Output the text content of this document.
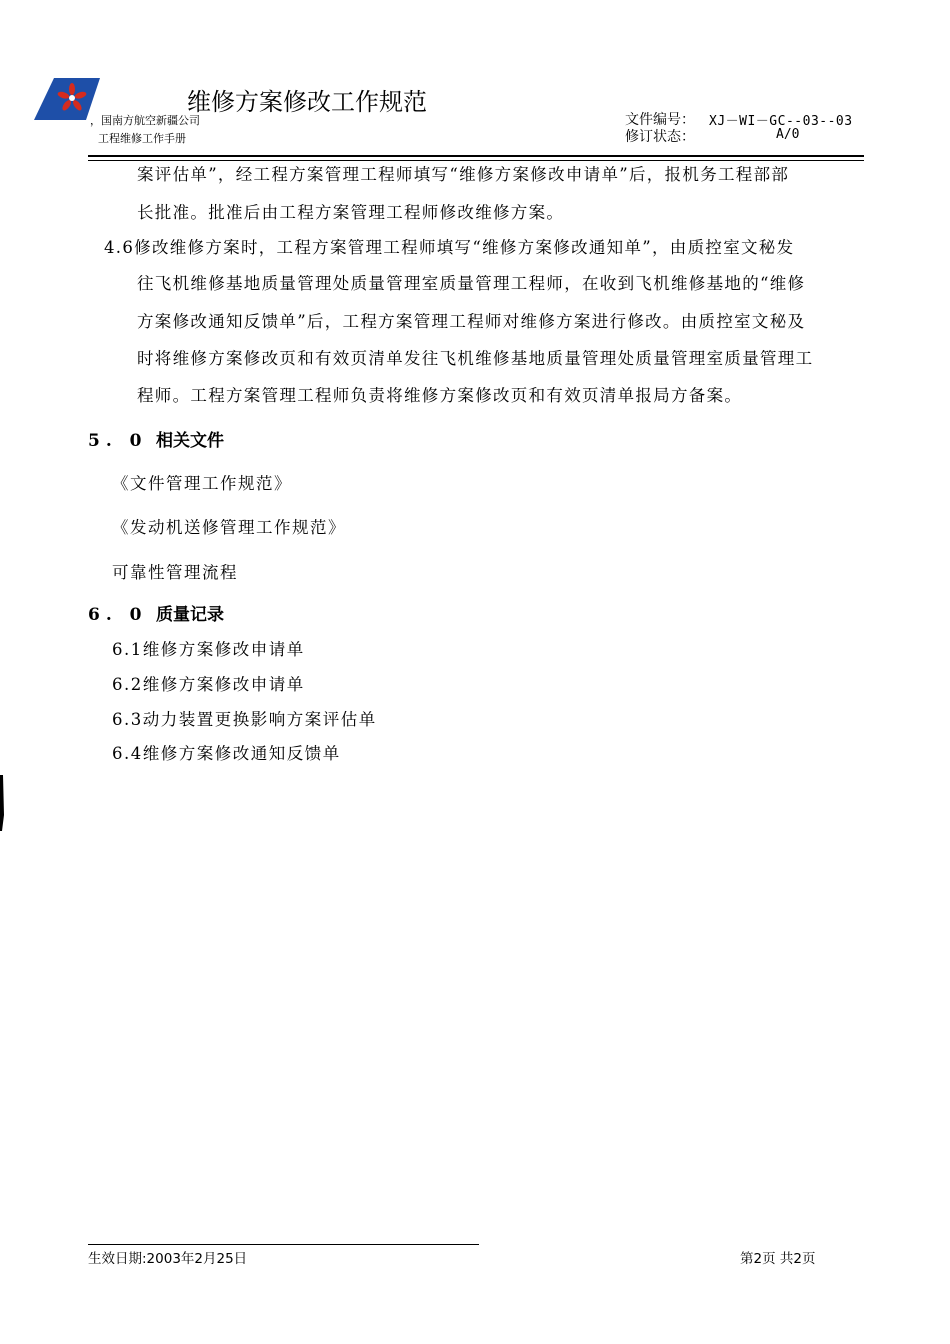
维修方案修改工作规范
，国南方航空新疆公司
工程维修工作手册
文件编号： XJ－WI－GC--03--03
修订状态：	A/0
案评估单”，经工程方案管理工程师填写“维修方案修改申请单”后，报机务工程部部
长批准。批准后由工程方案管理工程师修改维修方案。
4.6修改维修方案时，工程方案管理工程师填写“维修方案修改通知单”，由质控室文秘发
往飞机维修基地质量管理处质量管理室质量管理工程师，在收到飞机维修基地的“维修
方案修改通知反馈单”后，工程方案管理工程师对维修方案进行修改。由质控室文秘及
时将维修方案修改页和有效页清单发往飞机维修基地质量管理处质量管理室质量管理工
程师。工程方案管理工程师负责将维修方案修改页和有效页清单报局方备案。
5. 0 相关文件
《文件管理工作规范》
《发动机送修管理工作规范》
可靠性管理流程
6. 0 质量记录
6.1维修方案修改申请单
6.2维修方案修改申请单
6.3动力装置更换影响方案评估单
6.4维修方案修改通知反馈单
生效日期:2003年2月25日	第2页 共2页
